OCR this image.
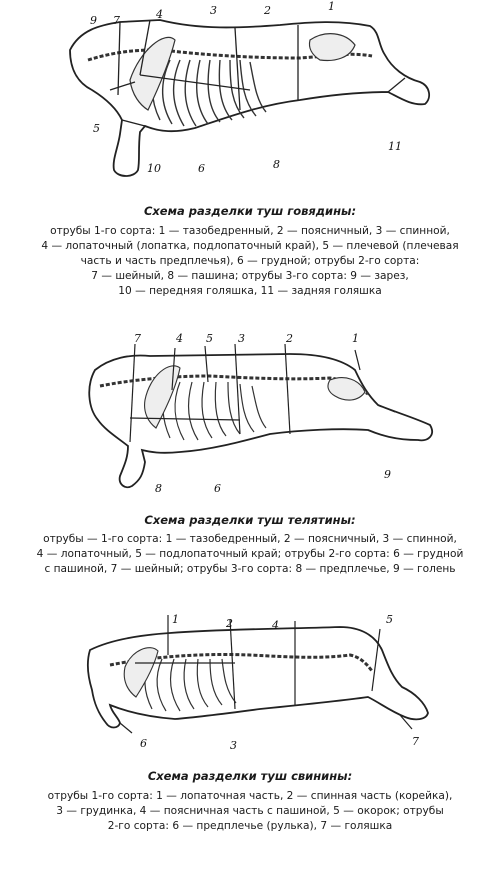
9 7	4	3	2	1
5
10	6	8
11
Схема разделки туш говядины:
отрубы 1-го сорта: 1 — тазобедренный, 2 — поясничный, 3 — спинной,
4 — лопаточный (лопатка, подлопаточный край), 5 — плечевой (плечевая
часть и часть предплечья), 6 — грудной; отрубы 2-го сорта:
7 — шейный, 8 — пашина; отрубы 3-го сорта: 9 — зарез,
10 — передняя голяшка, 11 — задняя голяшка
7	4 5 3	2	1
8	6
9
Схема разделки туш телятины:
отрубы — 1-го сорта: 1 — тазобедренный, 2 — поясничный, 3 — спинной,
4 — лопаточный, 5 — подлопаточный край; отрубы 2-го сорта: 6 — грудной
с пашиной, 7 — шейный; отрубы 3-го сорта: 8 — предплечье, 9 — голень
1	2	4	5
6	3	7
Схема разделки туш свинины:
отрубы 1-го сорта: 1 — лопаточная часть, 2 — спинная часть (корейка),
3 — грудинка, 4 — поясничная часть с пашиной, 5 — окорок; отрубы
2-го сорта: 6 — предплечье (рулька), 7 — голяшка
